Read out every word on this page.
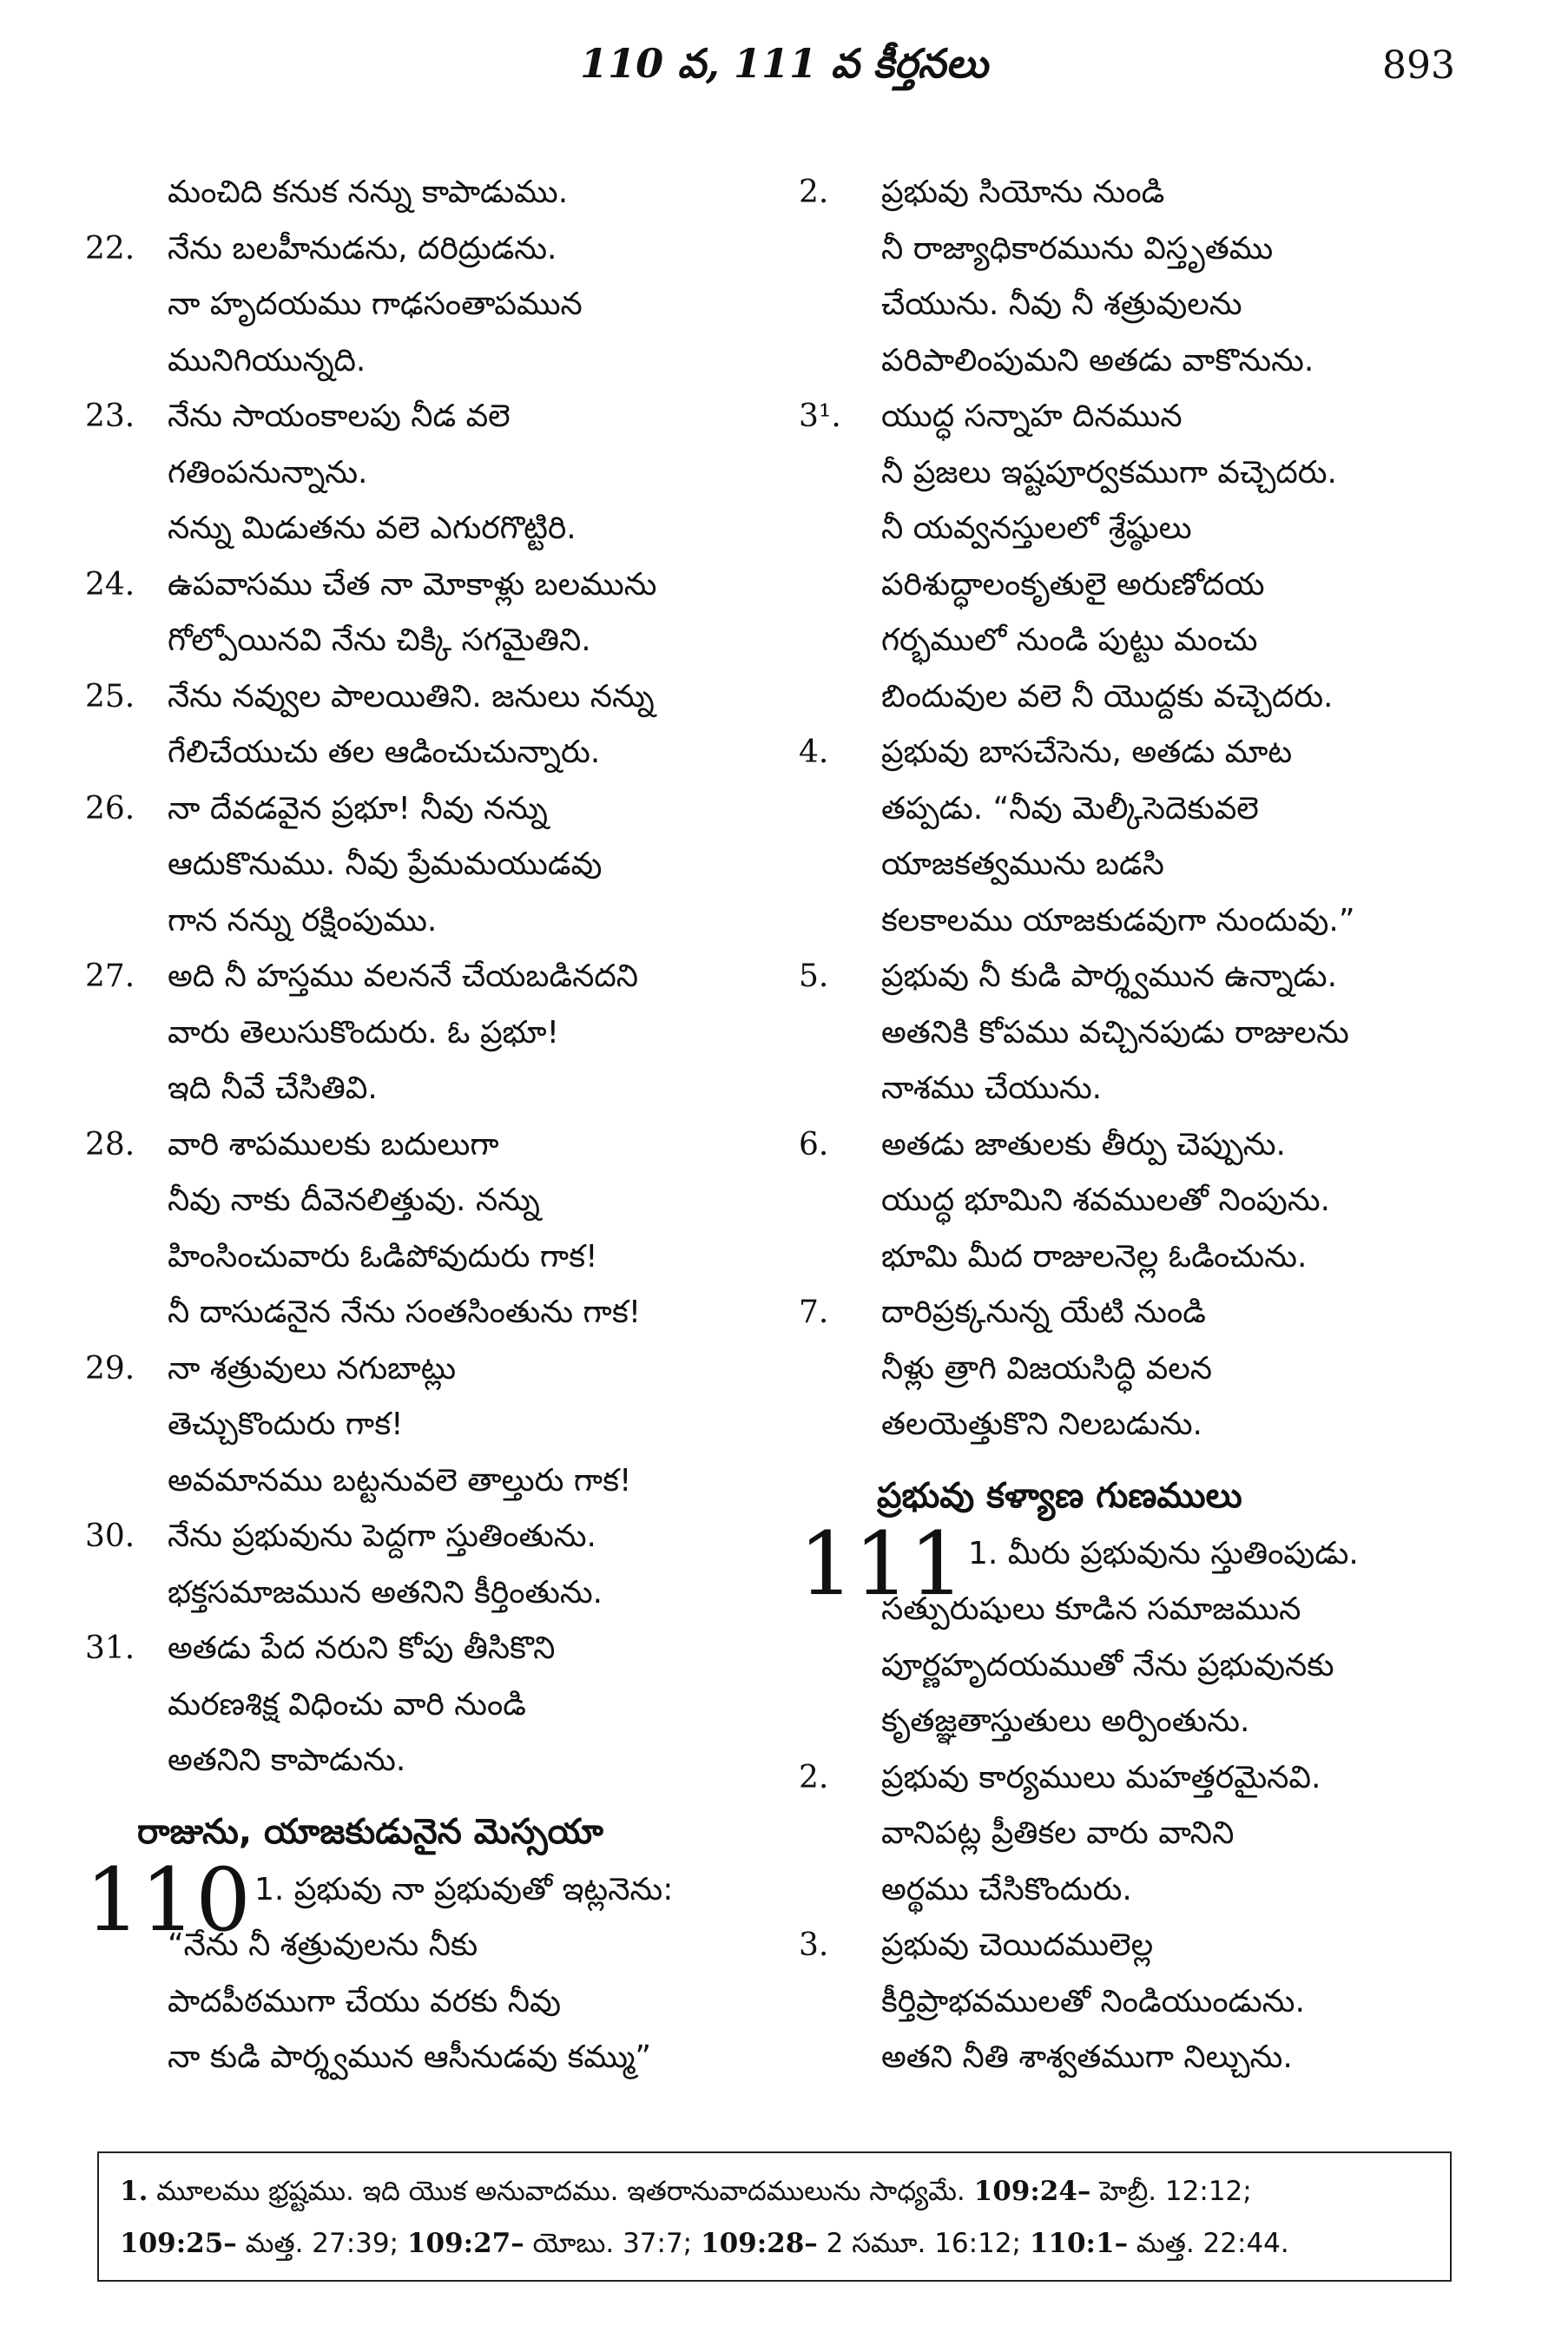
110 వ, 111 వ కీర్తనలు	893
మంచిది కనుక నన్ను కాపాడుము.
22.	నేను బలహీనుడను, దరిద్రుడను.
నా హృదయము గాఢసంతాపమున
మునిగియున్నది.
23.	నేను సాయంకాలపు నీడ వలె
గతింపనున్నాను.
నన్ను మిడుతను వలె ఎగురగొట్టిరి.
24.	ఉపవాసము చేత నా మోకాళ్లు బలమును
గోల్పోయినవి నేను చిక్కి సగమైతిని.
25.	నేను నవ్వుల పాలయితిని. జనులు నన్ను
గేలిచేయుచు తల ఆడించుచున్నారు.
26.	నా దేవడవైన ప్రభూ! నీవు నన్ను
ఆదుకొనుము. నీవు ప్రేమమయుడవు
గాన నన్ను రక్షింపుము.
27.	అది నీ హస్తము వలననే చేయబడినదని
వారు తెలుసుకొందురు. ఓ ప్రభూ!
ఇది నీవే చేసితివి.
28.	వారి శాపములకు బదులుగా
నీవు నాకు దీవెనలిత్తువు. నన్ను
హింసించువారు ఓడిపోవుదురు గాక!
నీ దాసుడనైన నేను సంతసింతును గాక!
29.	నా శత్రువులు నగుబాట్లు
తెచ్చుకొందురు గాక!
అవమానము బట్టనువలె తాల్తురు గాక!
30.	నేను ప్రభువును పెద్దగా స్తుతింతును.
భక్తసమాజమున అతనిని కీర్తింతును.
31.	అతడు పేద నరుని కోపు తీసికొని
మరణశిక్ష విధించు వారి నుండి
అతనిని కాపాడును.
రాజును, యాజకుడునైన మెస్సయా
110 1. ప్రభువు నా ప్రభువుతో ఇట్లనెను:
“నేను నీ శత్రువులను నీకు
పాదపీఠముగా చేయు వరకు నీవు
నా కుడి పార్శ్వమున ఆసీనుడవు కమ్ము”
2.	ప్రభువు సియోను నుండి
నీ రాజ్యాధికారమును విస్తృతము
చేయును. నీవు నీ శత్రువులను
పరిపాలింపుమని అతడు వాకొనును.
3¹.	యుద్ధ సన్నాహ దినమున
నీ ప్రజలు ఇష్టపూర్వకముగా వచ్చెదరు.
నీ యవ్వనస్తులలో శ్రేష్ఠులు
పరిశుద్ధాలంకృతులై అరుణోదయ
గర్భములో నుండి పుట్టు మంచు
బిందువుల వలె నీ యొద్దకు వచ్చెదరు.
4.	ప్రభువు బాసచేసెను, అతడు మాట
తప్పడు. “నీవు మెల్కీసెదెకువలె
యాజకత్వమును బడసి
కలకాలము యాజకుడవుగా నుందువు.”
5.	ప్రభువు నీ కుడి పార్శ్వమున ఉన్నాడు.
అతనికి కోపము వచ్చినపుడు రాజులను
నాశము చేయును.
6.	అతడు జాతులకు తీర్పు చెప్పును.
యుద్ధ భూమిని శవములతో నింపును.
భూమి మీద రాజులనెల్ల ఓడించును.
7.	దారిప్రక్కనున్న యేటి నుండి
నీళ్లు త్రాగి విజయసిద్ధి వలన
తలయెత్తుకొని నిలబడును.
ప్రభువు కళ్యాణ గుణములు
111 1. మీరు ప్రభువును స్తుతింపుడు.
సత్పురుషులు కూడిన సమాజమున
పూర్ణహృదయముతో నేను ప్రభువునకు
కృతజ్ఞతాస్తుతులు అర్పింతును.
2.	ప్రభువు కార్యములు మహత్తరమైనవి.
వానిపట్ల ప్రీతికల వారు వానిని
అర్థము చేసికొందురు.
3.	ప్రభువు చెయిదములెల్ల
కీర్తిప్రాభవములతో నిండియుండును.
అతని నీతి శాశ్వతముగా నిల్చును.
1. మూలము భ్రష్టము. ఇది యొక అనువాదము. ఇతరానువాదములును సాధ్యమే. 109:24– హెబ్రీ. 12:12;
109:25– మత్త. 27:39; 109:27– యోబు. 37:7; 109:28– 2 సమూ. 16:12; 110:1– మత్త. 22:44.
